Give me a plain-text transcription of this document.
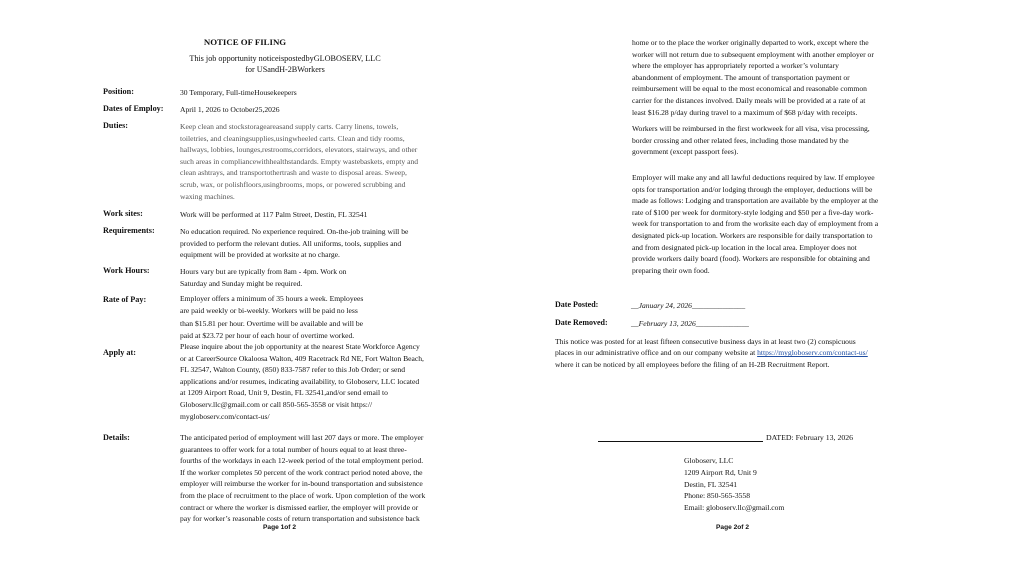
NOTICE OF FILING
This job opportunity noticeispostedbyGLOBOSERV, LLC
for USandH-2BWorkers
Position:	30 Temporary, Full-timeHousekeepers
Dates of Employ: April 1, 2026 to October25,2026
Duties:	Keep clean and stockstorageareasand supply carts. Carry linens, towels,
toiletries, and cleaningsupplies,usingwheeled carts. Clean and tidy rooms,
hallways, lobbies, lounges,restrooms,corridors, elevators, stairways, and other
such areas in compliancewithhealthstandards. Empty wastebaskets, empty and
clean ashtrays, and transportothertrash and waste to disposal areas. Sweep,
scrub, wax, or polishfloors,usingbrooms, mops, or powered scrubbing and
waxing machines.
Work sites:	Work will be performed at 117 Palm Street, Destin, FL 32541
Requirements:	No education required. No experience required. On-the-job training will be
provided to perform the relevant duties. All uniforms, tools, supplies and
equipment will be provided at worksite at no charge.
Work Hours:	Hours vary but are typically from 8am - 4pm. Work on
Saturday and Sunday might be required.
Rate of Pay:	Employer offers a minimum of 35 hours a week. Employees
are paid weekly or bi-weekly. Workers will be paid no less
than $15.81 per hour. Overtime will be available and will be
paid at $23.72 per hour of each hour of overtime worked.
Apply at:
Please inquire about the job opportunity at the nearest State Workforce Agency
or at CareerSource Okaloosa Walton, 409 Racetrack Rd NE, Fort Walton Beach,
FL 32547, Walton County, (850) 833-7587 refer to this Job Order; or send
applications and/or resumes, indicating availability, to Globoserv, LLC located
at 1209 Airport Road, Unit 9, Destin, FL 32541,and/or send email to
Globoserv.llc@gmail.com or call 850-565-3558 or visit https://
mygloboserv.com/contact-us/
Details:	The anticipated period of employment will last 207 days or more. The employer
guarantees to offer work for a total number of hours equal to at least three-
fourths of the workdays in each 12-week period of the total employment period.
If the worker completes 50 percent of the work contract period noted above, the
employer will reimburse the worker for in-bound transportation and subsistence
from the place of recruitment to the place of work. Upon completion of the work
contract or where the worker is dismissed earlier, the employer will provide or
pay for worker’s reasonable costs of return transportation and subsistence back
Page 1of 2
home or to the place the worker originally departed to work, except where the
worker will not return due to subsequent employment with another employer or
where the employer has appropriately reported a worker’s voluntary
abandonment of employment. The amount of transportation payment or
reimbursement will be equal to the most economical and reasonable common
carrier for the distances involved. Daily meals will be provided at a rate of at
least $16.28 p/day during travel to a maximum of $68 p/day with receipts.
Workers will be reimbursed in the first workweek for all visa, visa processing,
border crossing and other related fees, including those mandated by the
government (except passport fees).
Employer will make any and all lawful deductions required by law. If employee
opts for transportation and/or lodging through the employer, deductions will be
made as follows: Lodging and transportation are available by the employer at the
rate of $100 per week for dormitory-style lodging and $50 per a five-day work-
week for transportation to and from the worksite each day of employment from a
designated pick-up location. Workers are responsible for daily transportation to
and from designated pick-up location in the local area. Employer does not
provide workers daily board (food). Workers are responsible for obtaining and
preparing their own food.
Date Posted:	__January 24, 2026______________
Date Removed:	__February 13, 2026______________
This notice was posted for at least fifteen consecutive business days in at least two (2) conspicuous
places in our administrative office and on our company website at https://mygloboserv.com/contact-us/
where it can be noticed by all employees before the filing of an H-2B Recruitment Report.
DATED: February 13, 2026
Globoserv, LLC
1209 Airport Rd, Unit 9
Destin, FL 32541
Phone: 850-565-3558
Email: globoserv.llc@gmail.com
Page 2of 2
